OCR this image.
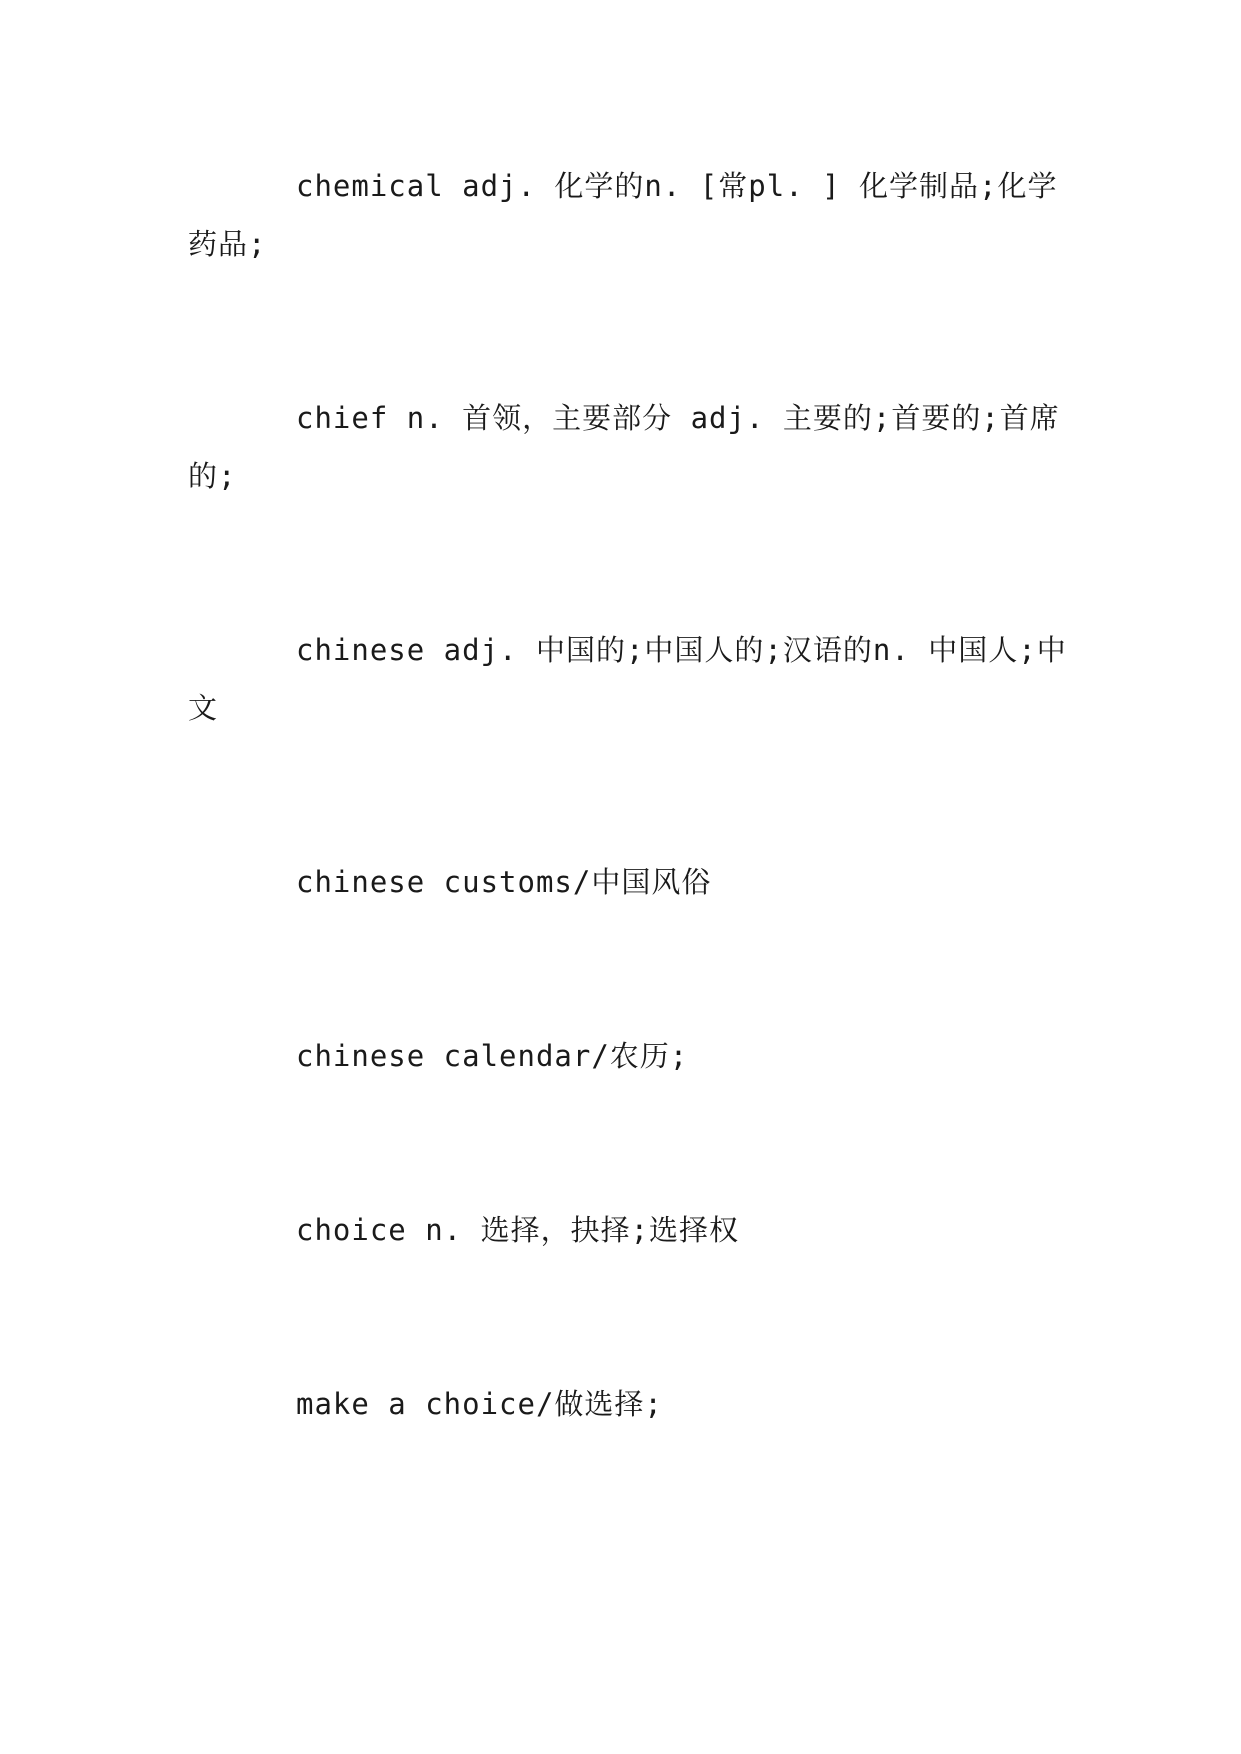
chemical adj. 化学的n. [常pl. ] 化学制品;化学药品;

chief n. 首领，主要部分 adj. 主要的;首要的;首席的;

chinese adj. 中国的;中国人的;汉语的n. 中国人;中文

chinese customs/中国风俗

chinese calendar/农历;

choice n. 选择，抉择;选择权

make a choice/做选择;
